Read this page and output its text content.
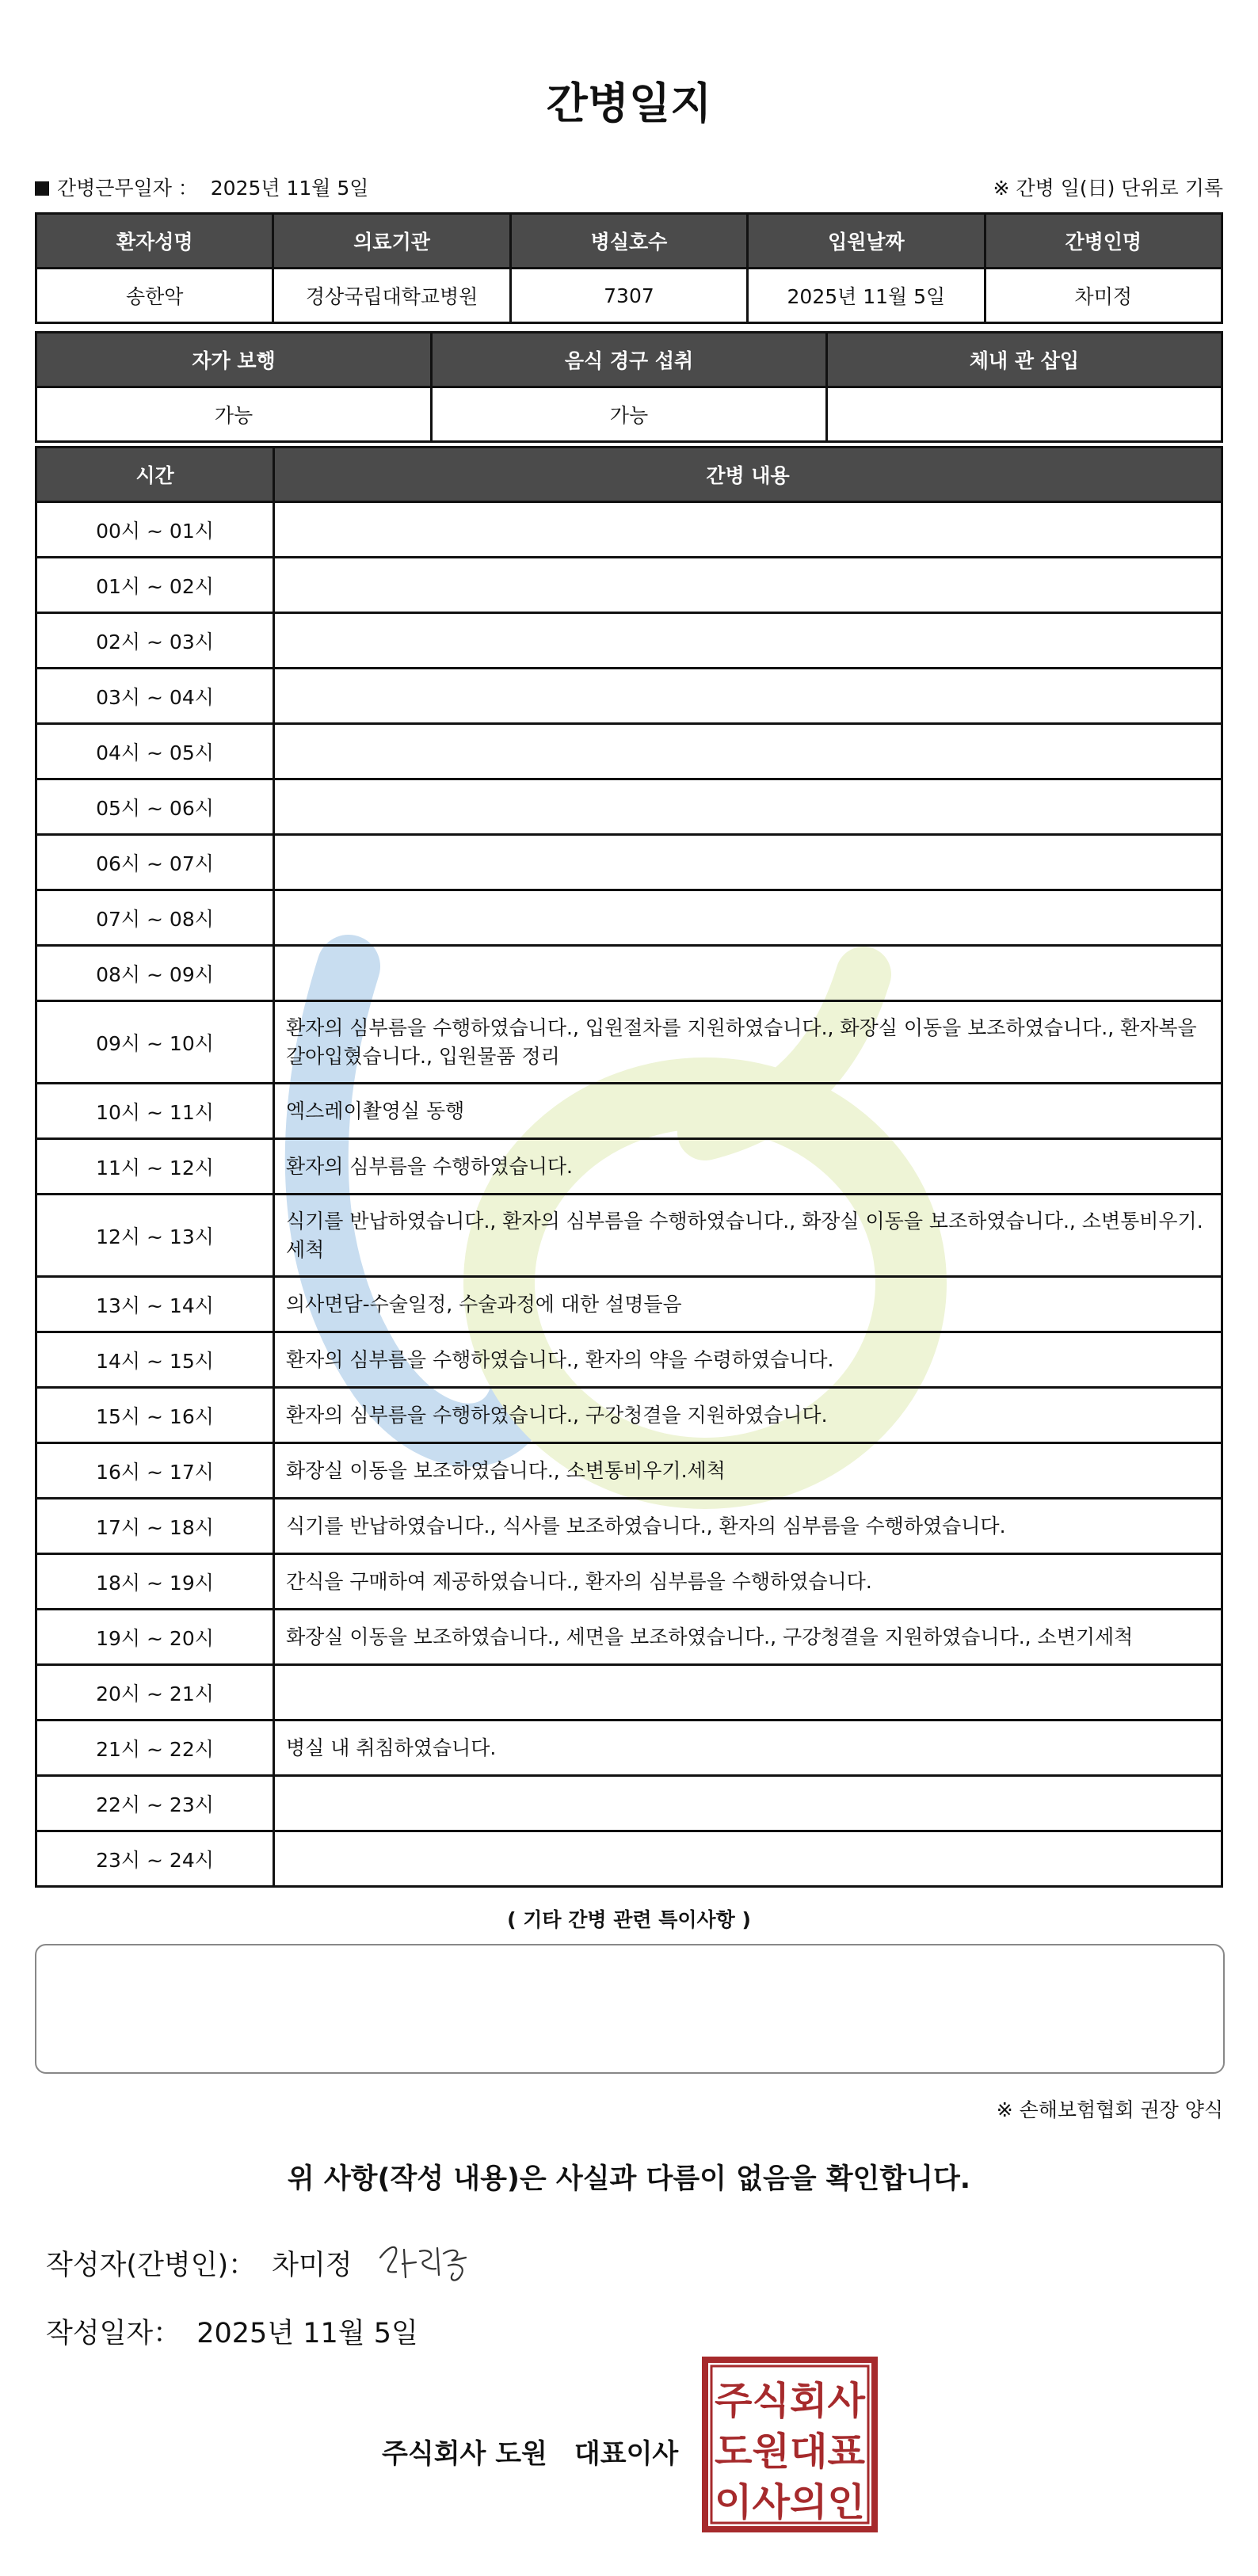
간병일지
간병근무일자 ： 2025년 11월 5일	※ 간병 일(日) 단위로 기록
환자성명	의료기관	병실호수	입원날짜	간병인명
송한악	경상국립대학교병원	7307	2025년 11월 5일	차미정
자가 보행	음식 경구 섭취	체내 관 삽입
가능	가능	
시간	간병 내용
00시 ~ 01시	
01시 ~ 02시	
02시 ~ 03시	
03시 ~ 04시	
04시 ~ 05시	
05시 ~ 06시	
06시 ~ 07시	
07시 ~ 08시	
08시 ~ 09시	
09시 ~ 10시	환자의 심부름을 수행하였습니다., 입원절차를 지원하였습니다., 화장실 이동을 보조하였습니다., 환자복을 갈아입혔습니다., 입원물품 정리
10시 ~ 11시	엑스레이촬영실 동행
11시 ~ 12시	환자의 심부름을 수행하였습니다.
12시 ~ 13시	식기를 반납하였습니다., 환자의 심부름을 수행하였습니다., 화장실 이동을 보조하였습니다., 소변통비우기.세척
13시 ~ 14시	의사면담-수술일정, 수술과정에 대한 설명들음
14시 ~ 15시	환자의 심부름을 수행하였습니다., 환자의 약을 수령하였습니다.
15시 ~ 16시	환자의 심부름을 수행하였습니다., 구강청결을 지원하였습니다.
16시 ~ 17시	화장실 이동을 보조하였습니다., 소변통비우기.세척
17시 ~ 18시	식기를 반납하였습니다., 식사를 보조하였습니다., 환자의 심부름을 수행하였습니다.
18시 ~ 19시	간식을 구매하여 제공하였습니다., 환자의 심부름을 수행하였습니다.
19시 ~ 20시	화장실 이동을 보조하였습니다., 세면을 보조하였습니다., 구강청결을 지원하였습니다., 소변기세척
20시 ~ 21시	
21시 ~ 22시	병실 내 취침하였습니다.
22시 ~ 23시	
23시 ~ 24시	
( 기타 간병 관련 특이사항 )
※ 손해보험협회 권장 양식
위 사항(작성 내용)은 사실과 다름이 없음을 확인합니다.
작성자(간병인)： 차미정
작성일자： 2025년 11월 5일
주식회사 도원　대표이사
주식회사
도원대표
이사의인
